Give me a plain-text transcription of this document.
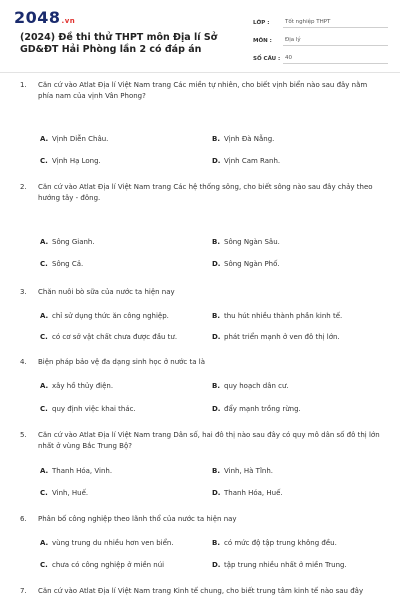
2048.vn
(2024) Đề thi thử THPT môn Địa lí Sở GD&ĐT Hải Phòng lần 2 có đáp án
LỚP :	Tốt nghiệp THPT
MÔN :	Địa lý
SỐ CÂU : 40
1.	Căn cứ vào Atlat Địa lí Việt Nam trang Các miền tự nhiên, cho biết vịnh biển nào sau đây nằm phía nam của vịnh Vân Phong?
A. Vịnh Diễn Châu.	B. Vịnh Đà Nẵng.
C. Vịnh Hạ Long.	D. Vịnh Cam Ranh.
2.	Căn cứ vào Atlat Địa lí Việt Nam trang Các hệ thống sông, cho biết sông nào sau đây chảy theo hướng tây - đông.
A. Sông Gianh.	B. Sông Ngàn Sâu.
C. Sông Cả.	D. Sông Ngàn Phố.
3.	Chăn nuôi bò sữa của nước ta hiện nay
A. chỉ sử dụng thức ăn công nghiệp.	B. thu hút nhiều thành phần kinh tế.
C. có cơ sở vật chất chưa được đầu tư.	D. phát triển mạnh ở ven đô thị lớn.
4.	Biện pháp bảo vệ đa dạng sinh học ở nước ta là
A. xây hồ thủy điện.	B. quy hoạch dân cư.
C. quy định việc khai thác.	D. đẩy mạnh trồng rừng.
5.	Căn cứ vào Atlat Địa lí Việt Nam trang Dân số, hai đô thị nào sau đây có quy mô dân số đô thị lớn nhất ở vùng Bắc Trung Bộ?
A. Thanh Hóa, Vinh.	B. Vinh, Hà Tĩnh.
C. Vinh, Huế.	D. Thanh Hóa, Huế.
6.	Phân bố công nghiệp theo lãnh thổ của nước ta hiện nay
A. vùng trung du nhiều hơn ven biển.	B. có mức độ tập trung không đều.
C. chưa có công nghiệp ở miền núi	D. tập trung nhiều nhất ở miền Trung.
7.	Căn cứ vào Atlat Địa lí Việt Nam trang Kinh tế chung, cho biết trung tâm kinh tế nào sau đây
